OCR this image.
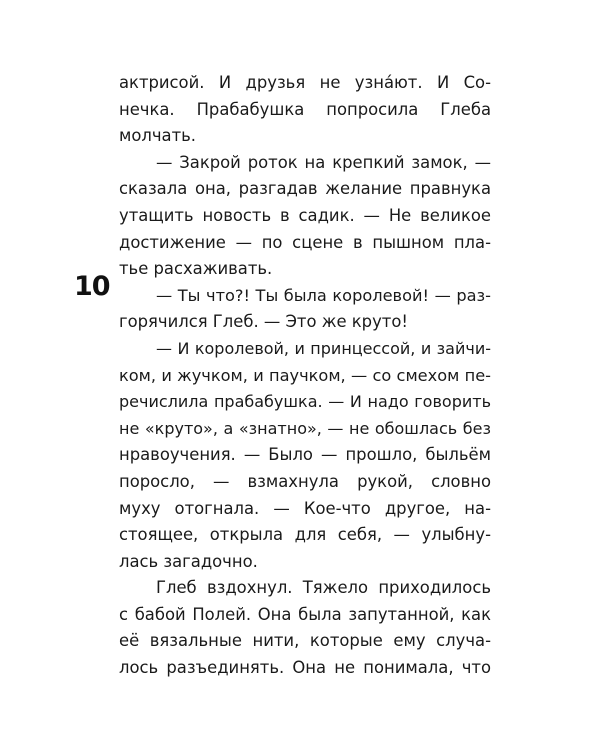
10
актрисой. И друзья не узна́ют. И Со-
нечка. Прабабушка попросила Глеба
молчать.
— Закрой роток на крепкий замок, —
сказала она, разгадав желание правнука
утащить новость в садик. — Не великое
достижение — по сцене в пышном пла-
тье расхаживать.
— Ты что?! Ты была королевой! — раз-
горячился Глеб. — Это же круто!
— И королевой, и принцессой, и зайчи-
ком, и жучком, и паучком, — со смехом пе-
речислила прабабушка. — И надо говорить
не «круто», а «знатно», — не обошлась без
нравоучения. — Было — прошло, быльём
поросло, — взмахнула рукой, словно
муху отогнала. — Кое-что другое, на-
стоящее, открыла для себя, — улыбну-
лась загадочно.
Глеб вздохнул. Тяжело приходилось
с бабой Полей. Она была запутанной, как
её вязальные нити, которые ему случа-
лось разъединять. Она не понимала, что
